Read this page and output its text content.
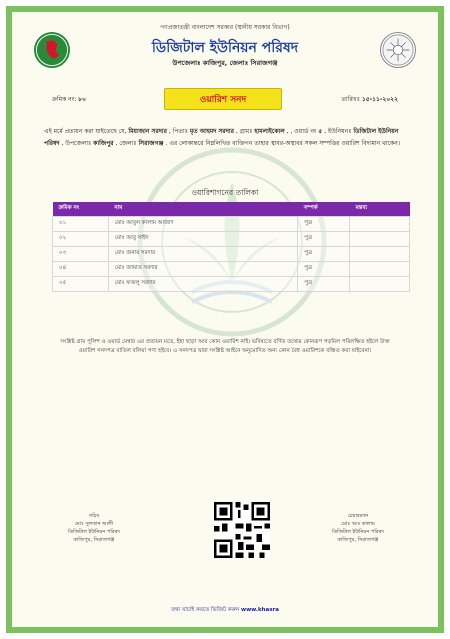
গণপ্রজাতন্ত্রী বাংলাদেশ সরকার (স্থানীয় সরকার বিভাগ)
ডিজিটাল ইউনিয়ন পরিষদ
উপজেলাঃ কাজিপুর, জেলাঃ সিরাজগঞ্জ
ক্রমিক নং: ৮০	ওয়ারিশ সনদ	তারিখঃ ১৫-১১-২০২২
এই মর্মে প্রত্যয়ন করা যাইতেছে যে, মিয়াজান সরদার , পিতাঃ মৃত আহমদ সরদার , গ্রামঃ হামলাইকোল , , ওয়ার্ড নং ৫ , ইউনিয়নঃ ডিজিটাল ইউনিয়ন পরিষদ , উপজেলাঃ কাজিপুর , জেলাঃ সিরাজগঞ্জ . এর লোকান্তরে নিম্নলিখিত ব্যক্তিগন তাহার স্থাবর-অস্থাবর সকল সম্পত্তির ওয়ারিশ বিদ্যমান থাকেন।
ওয়ারিশাগনের তালিকা
ক্রমিক নং	নাম	সম্পর্ক	মন্তব্য
০১	মোঃ আবুল কালাম আজাদ	পুত্র	
০২	মোঃ আবু সাইদ	পুত্র	
০৩	মোঃ জনার সরদার	পুত্র	
০৪	মোঃ জামাত সরদার	পুত্র	
০৫	মোঃ ফজলু সরদার	পুত্র	
সংশ্লিষ্ট গ্রাম পুলিশ ও ওয়ার্ড মেম্বার এর প্রত্যয়ন মতে, ইহা ছাড়া আর কোন ওয়ারিশ নাই। ভবিষ্যতে বর্ণিত তথ্যের কোনরূপ গড়মিল পরিলক্ষিত হইলে উক্ত ওয়ারিশ সনদপত্র বাতিল বলিয়া গণ্য হইবে। এ সনদপত্র দ্বারা সংশ্লিষ্ট আইনে অনুমোদিত অন্য কোন বৈধ ওয়ারিশকে বঞ্চিত করা যাইবেনা।
সচিব
মোঃ সুলতান আলী
ডিজিটাল ইউনিয়ন পরিষদ
কাজিপুর, সিরাজগঞ্জ
চেয়ারম্যান
মোঃ আঃ কালাম
ডিজিটাল ইউনিয়ন পরিষদ
কাজিপুর, সিরাজগঞ্জ
তথ্য যাচাই করতে ভিজিট করুন www.khasra
